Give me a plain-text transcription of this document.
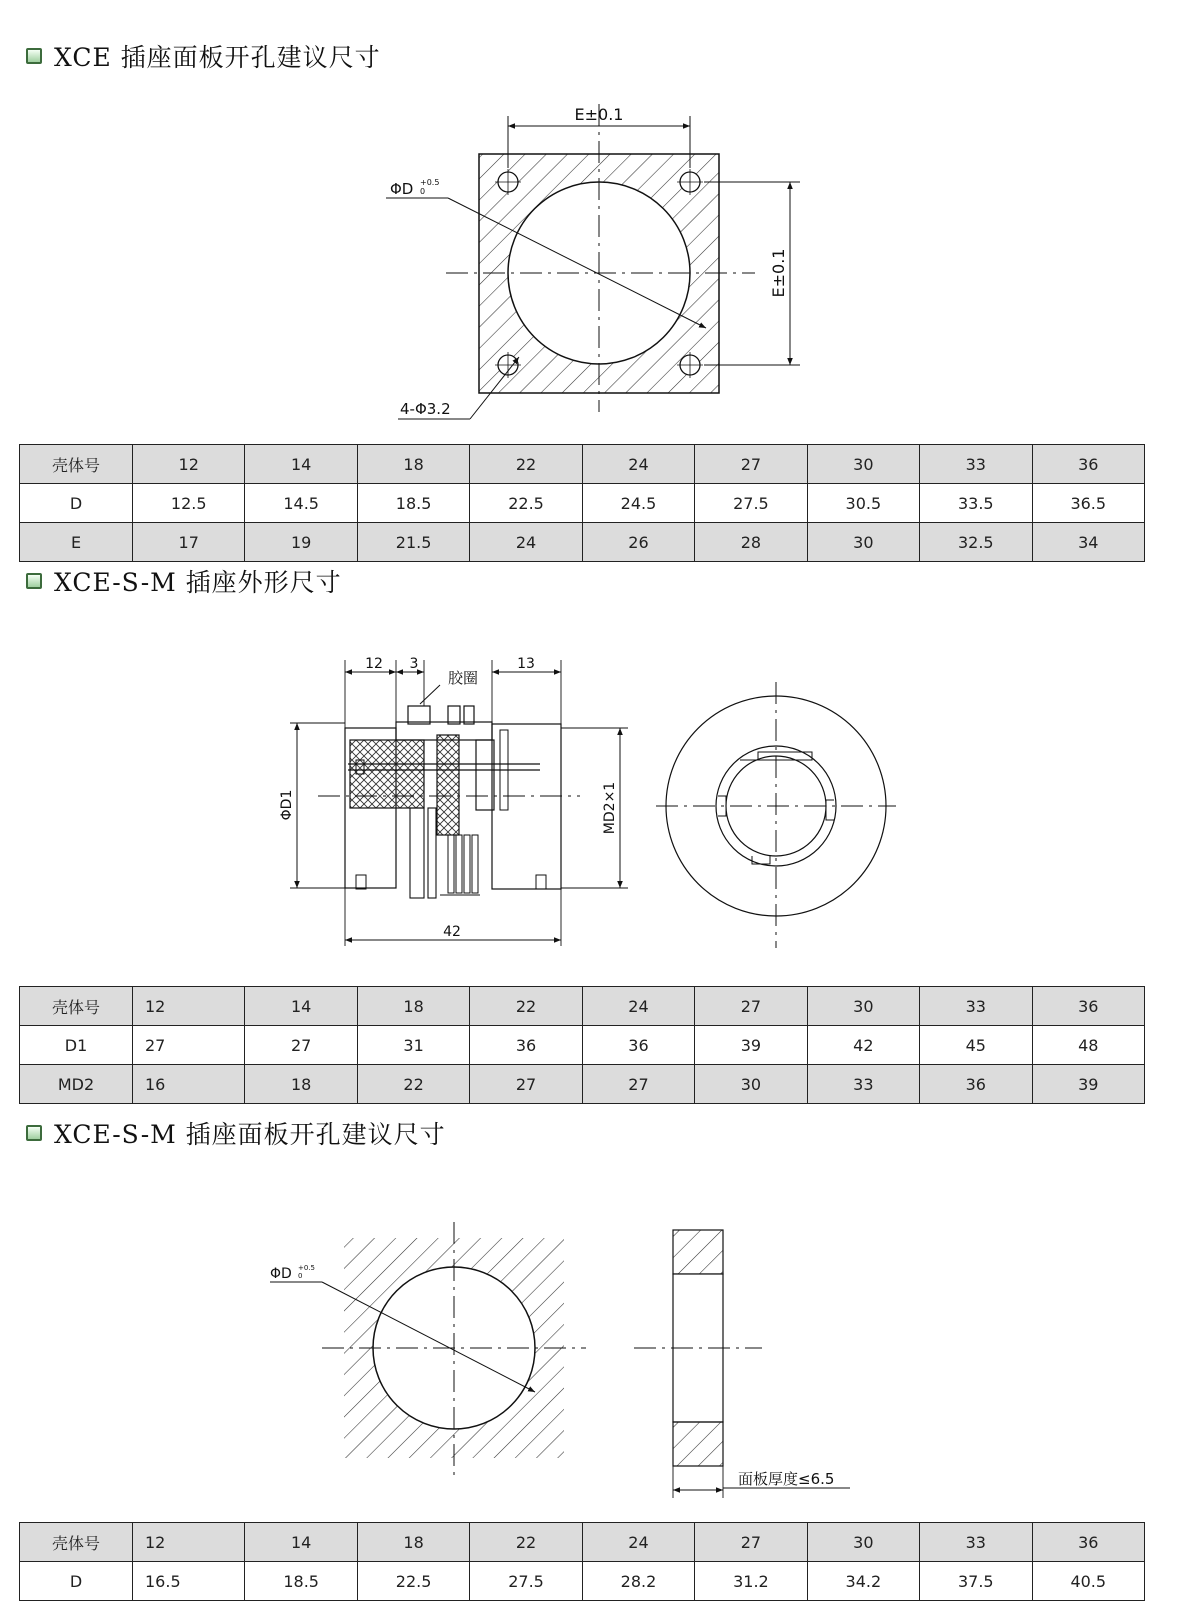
XCE 插座面板开孔建议尺寸
XCE-S-M 插座外形尺寸
XCE-S-M 插座面板开孔建议尺寸
E±0.1
E±0.1
ΦD +0.5
0
4-Φ3.2
12 3
胶圈
13
42
ΦD1	MD2×1
ΦD +0.5
0
面板厚度≤6.5
壳体号	12	14	18	22	24	27	30	33	36
D	12.5	14.5	18.5	22.5	24.5	27.5	30.5	33.5	36.5
E	17	19	21.5	24	26	28	30	32.5	34
壳体号	12	14	18	22	24	27	30	33	36
D1	27	27	31	36	36	39	42	45	48
MD2	16	18	22	27	27	30	33	36	39
壳体号	12	14	18	22	24	27	30	33	36
D	16.5	18.5	22.5	27.5	28.2	31.2	34.2	37.5	40.5
